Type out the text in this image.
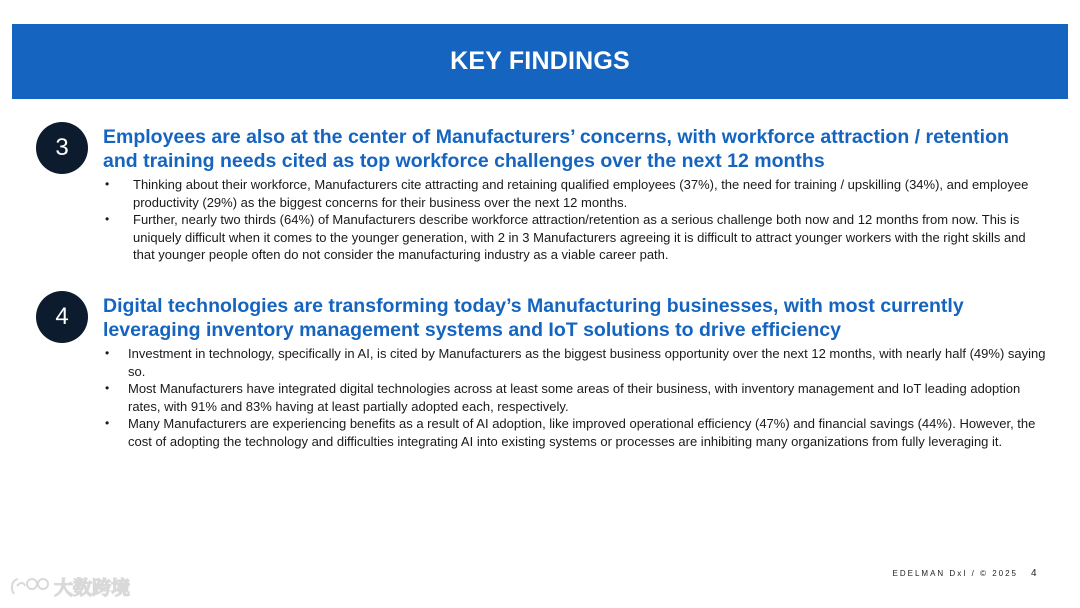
KEY FINDINGS
3	Employees are also at the center of Manufacturers’ concerns, with workforce attraction / retention and training needs cited as top workforce challenges over the next 12 months
• Thinking about their workforce, Manufacturers cite attracting and retaining qualified employees (37%), the need for training / upskilling (34%), and employee productivity (29%) as the biggest concerns for their business over the next 12 months.
• Further, nearly two thirds (64%) of Manufacturers describe workforce attraction/retention as a serious challenge both now and 12 months from now. This is uniquely difficult when it comes to the younger generation, with 2 in 3 Manufacturers agreeing it is difficult to attract younger workers with the right skills and that younger people often do not consider the manufacturing industry as a viable career path.
4	Digital technologies are transforming today’s Manufacturing businesses, with most currently leveraging inventory management systems and IoT solutions to drive efficiency
• Investment in technology, specifically in AI, is cited by Manufacturers as the biggest business opportunity over the next 12 months, with nearly half (49%) saying so.
• Most Manufacturers have integrated digital technologies across at least some areas of their business, with inventory management and IoT leading adoption rates, with 91% and 83% having at least partially adopted each, respectively.
• Many Manufacturers are experiencing benefits as a result of AI adoption, like improved operational efficiency (47%) and financial savings (44%). However, the cost of adopting the technology and difficulties integrating AI into existing systems or processes are inhibiting many organizations from fully leveraging it.
EDELMAN DxI / © 2025 4
大数跨境
